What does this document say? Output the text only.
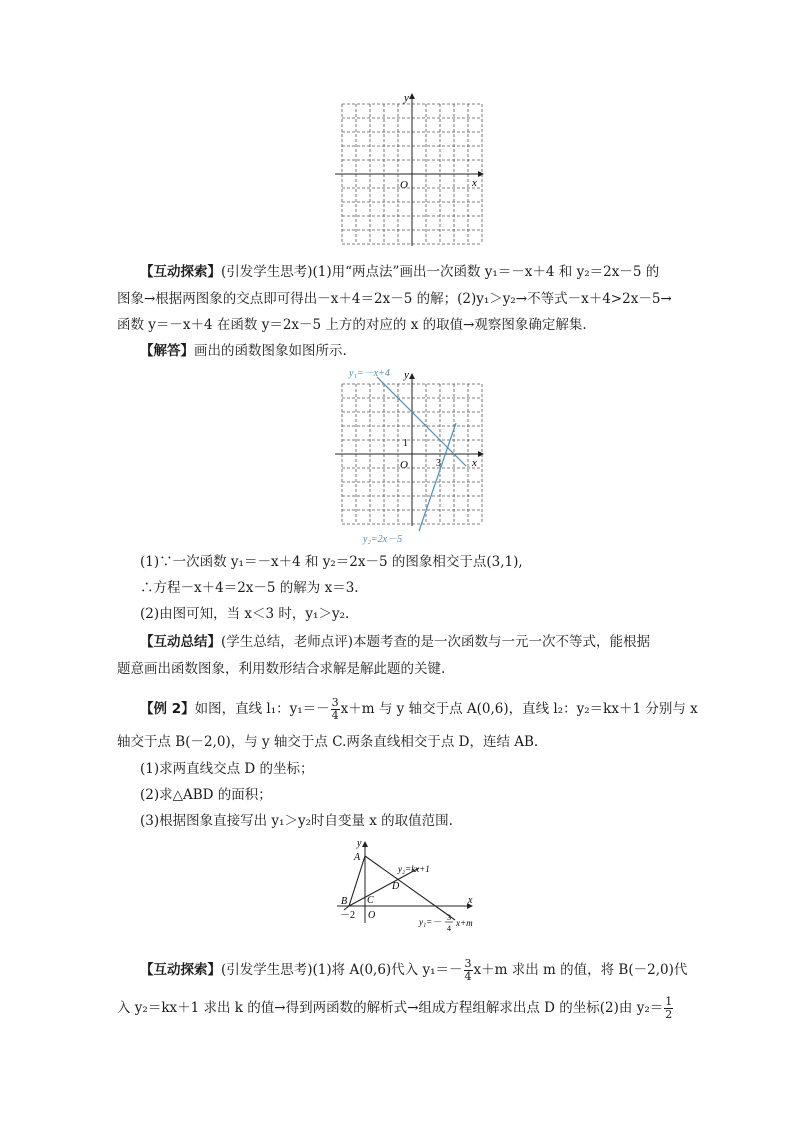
x
y
O
【互动探索】(引发学生思考)(1)用“两点法”画出一次函数 y₁＝－x＋4 和 y₂＝2x－5 的
图象→根据两图象的交点即可得出－x＋4＝2x－5 的解；(2)y₁＞y₂→不等式－x＋4>2x－5→
函数 y＝－x＋4 在函数 y＝2x－5 上方的对应的 x 的取值→观察图象确定解集.
【解答】画出的函数图象如图所示.
y₁=－x+4
y₂=2x－5
x
y
O
1
3
(1)∵一次函数 y₁＝－x＋4 和 y₂＝2x－5 的图象相交于点(3,1),
∴方程－x＋4＝2x－5 的解为 x＝3.
(2)由图可知，当 x＜3 时，y₁＞y₂.
【互动总结】(学生总结，老师点评)本题考查的是一次函数与一元一次不等式，能根据
题意画出函数图象，利用数形结合求解是解此题的关键.
【例 2】如图，直线 l₁：$y_1=- \frac{3}{4} x+m$ 与 y 轴交于点 A(0,6)，直线 l₂：y₂＝kx＋1 分别与 x
轴交于点 B(－2,0)，与 y 轴交于点 C.两条直线相交于点 D，连结 AB.
(1)求两直线交点 D 的坐标；
(2)求△ABD 的面积；
(3)根据图象直接写出 y₁＞y₂时自变量 x 的取值范围.
A
B C
D
O
x
y
－2
y₂=kx+1
y₁=－ 3
4
x+m
【互动探索】(引发学生思考)(1)将 A(0,6)代入 $y_1=- \frac{3}{4} x+m$ 求出 m 的值，将 B(－2,0)代
入 y₂＝kx＋1 求出 k 的值→得到两函数的解析式→组成方程组解求出点 D 的坐标(2)由 $y_2= \frac{1}{2}$
